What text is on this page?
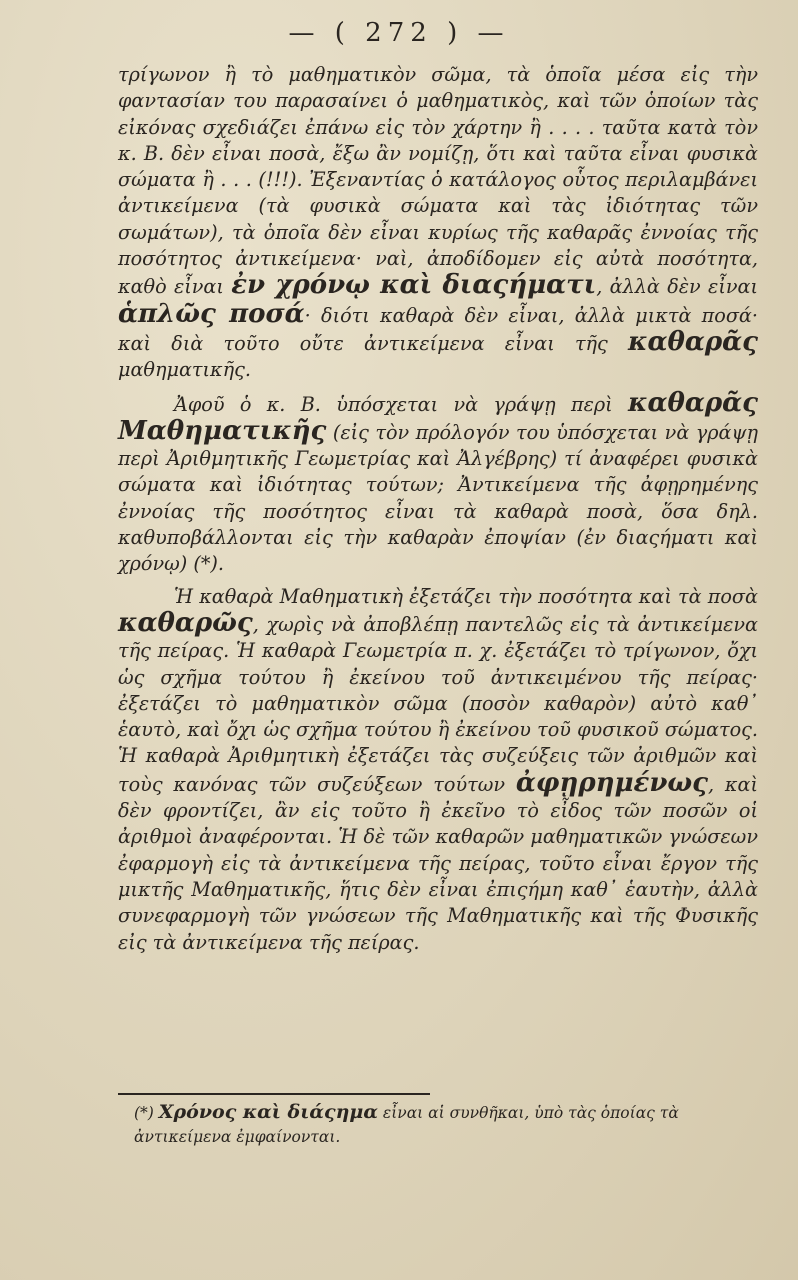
— ( 272 ) —

τρίγωνον ἢ τὸ μαθηματικὸν σῶμα, τὰ ὁποῖα μέσα εἰς τὴν φαντασίαν του παρασαίνει ὁ μαθηματικὸς, καὶ τῶν ὁποίων τὰς εἰκόνας σχεδιάζει ἐπάνω εἰς τὸν χάρτην ἢ . . . . ταῦτα κατὰ τὸν κ. Β. δὲν εἶναι ποσὰ, ἔξω ἂν νομίζῃ, ὅτι καὶ ταῦτα εἶναι φυσικὰ σώματα ἢ . . . (!!!). Ἐξεναντίας ὁ κατάλογος οὗτος περιλαμβάνει ἀντικείμενα (τὰ φυσικὰ σώματα καὶ τὰς ἰδιότητας τῶν σωμάτων), τὰ ὁποῖα δὲν εἶναι κυρίως τῆς καθαρᾶς ἐννοίας τῆς ποσότητος ἀντικείμενα· ναὶ, ἀποδίδομεν εἰς αὐτὰ ποσότητα, καθὸ εἶναι ἐν χρόνῳ καὶ διαςήματι, ἀλλὰ δὲν εἶναι ἁπλῶς ποσά· διότι καθαρὰ δὲν εἶναι, ἀλλὰ μικτὰ ποσά· καὶ διὰ τοῦτο οὔτε ἀντικείμενα εἶναι τῆς καθαρᾶς μαθηματικῆς.

Ἀφοῦ ὁ κ. Β. ὑπόσχεται νὰ γράψῃ περὶ καθαρᾶς Μαθηματικῆς (εἰς τὸν πρόλογόν του ὑπόσχεται νὰ γράψῃ περὶ Ἀριθμητικῆς Γεωμετρίας καὶ Ἀλγέβρης) τί ἀναφέρει φυσικὰ σώματα καὶ ἰδιότητας τούτων; Ἀντικείμενα τῆς ἀφῃρημένης ἐννοίας τῆς ποσότητος εἶναι τὰ καθαρὰ ποσὰ, ὅσα δηλ. καθυποβάλλονται εἰς τὴν καθαρὰν ἐποψίαν (ἐν διαςήματι καὶ χρόνῳ) (*).

Ἡ καθαρὰ Μαθηματικὴ ἐξετάζει τὴν ποσότητα καὶ τὰ ποσὰ καθαρῶς, χωρὶς νὰ ἀποβλέπῃ παντελῶς εἰς τὰ ἀντικείμενα τῆς πείρας. Ἡ καθαρὰ Γεωμετρία π. χ. ἐξετάζει τὸ τρίγωνον, ὄχι ὡς σχῆμα τούτου ἢ ἐκείνου τοῦ ἀντικειμένου τῆς πείρας· ἐξετάζει τὸ μαθηματικὸν σῶμα (ποσὸν καθαρὸν) αὐτὸ καθ᾽ ἑαυτὸ, καὶ ὄχι ὡς σχῆμα τούτου ἢ ἐκείνου τοῦ φυσικοῦ σώματος. Ἡ καθαρὰ Ἀριθμητικὴ ἐξετάζει τὰς συζεύξεις τῶν ἀριθμῶν καὶ τοὺς κανόνας τῶν συζεύξεων τούτων ἀφῃρημένως, καὶ δὲν φροντίζει, ἂν εἰς τοῦτο ἢ ἐκεῖνο τὸ εἶδος τῶν ποσῶν οἱ ἀριθμοὶ ἀναφέρονται. Ἡ δὲ τῶν καθαρῶν μαθηματικῶν γνώσεων ἐφαρμογὴ εἰς τὰ ἀντικείμενα τῆς πείρας, τοῦτο εἶναι ἔργον τῆς μικτῆς Μαθηματικῆς, ἥτις δὲν εἶναι ἐπιςήμη καθ᾽ ἑαυτὴν, ἀλλὰ συνεφαρμογὴ τῶν γνώσεων τῆς Μαθηματικῆς καὶ τῆς Φυσικῆς εἰς τὰ ἀντικείμενα τῆς πείρας.

(*) Χρόνος καὶ διάςημα εἶναι αἱ συνθῆκαι, ὑπὸ τὰς ὁποίας τὰ ἀντικείμενα ἐμφαίνονται.
